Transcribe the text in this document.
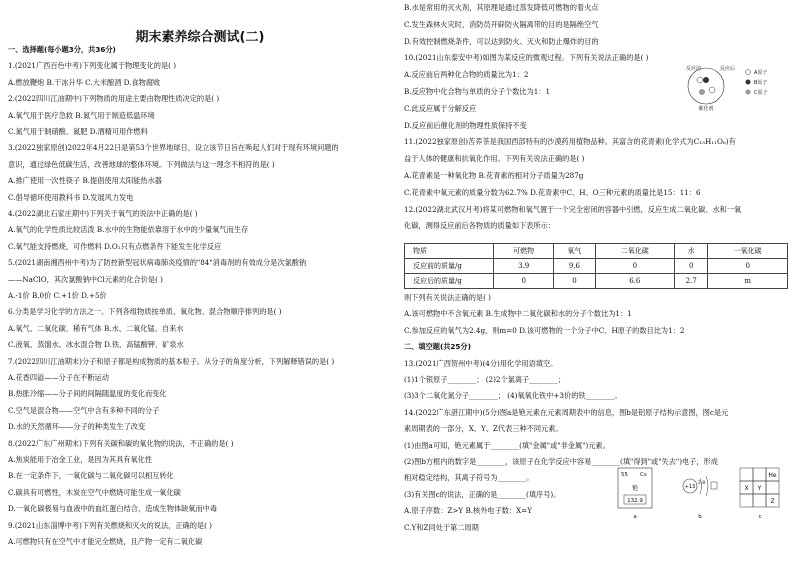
期末素养综合测试(二)
一、选择题(每小题3分，共36分)
1.(2021广西百色中考)下列变化属于物理变化的是( )
A.燃放鞭炮 B.干冰升华 C.大米酿酒 D.食物腐败
2.(2022四川江油期中)下列物质的用途主要由物理性质决定的是( )
A.氧气用于医疗急救 B.氮气用于制造低温环境
C.氮气用于制硝酸、氮肥 D.酒精可用作燃料
3.(2022独家原创)2022年4月22日是第53个世界地球日，设立该节日旨在唤起人们对于现有环境问题的
意识，通过绿色低碳生活，改善地球的整体环境。下列做法与这一理念不相符的是( )
A.推广使用一次性筷子 B.提倡使用太阳能热水器
C.倡导循环使用教科书 D.发展风力发电
4.(2022湖北石家庄期中)下列关于氧气的说法中正确的是( )
A.氧气的化学性质比较活泼 B.水中的生物能依靠溶于水中的少量氧气而生存
C.氧气能支持燃烧，可作燃料 D.O₂只有点燃条件下能发生化学反应
5.(2021湖南湘西州中考)为了防控新型冠状病毒肺炎疫情的"84"消毒剂的有效成分是次氯酸钠
——NaClO，其次氯酸钠中Cl元素的化合价是( )
A.-1价 B.0价 C.+1价 D.+5价
6.分类是学习化学的方法之一。下列各组物质按单质、氧化物、混合物顺序排列的是( )
A.氧气、二氧化碳、稀有气体 B.水、二氧化锰、自来水
C.液氧、蒸馏水、冰水混合物 D.铁、高锰酸钾、矿泉水
7.(2022四川江油期末)分子和原子都是构成物质的基本粒子。从分子的角度分析，下列解释错误的是( )
A.花香四溢——分子在不断运动
B.热胀冷缩——分子间的间隔随温度的变化而变化
C.空气是混合物——空气中含有多种不同的分子
D.水的天然循环——分子的种类发生了改变
8.(2022广东广州期末)下列有关碳和碳的氧化物的说法，不正确的是( )
A.焦炭能用于冶金工业，是因为其具有氧化性
B.在一定条件下，一氧化碳与二氧化碳可以相互转化
C.碳具有可燃性，木炭在空气中燃烧可能生成一氧化碳
D.一氧化碳极易与血液中的血红蛋白结合，造成生物体缺氧而中毒
9.(2021山东淄博中考)下列有关燃烧和灭火的说法，正确的是( )
A.可燃物只有在空气中才能完全燃烧，且产物一定有二氧化碳
B.水是常用的灭火剂，其原理是通过蒸发降低可燃物的着火点
C.发生森林火灾时，消防员开辟防火隔离带的目的是隔绝空气
D.有效控制燃烧条件，可以达到防火、灭火和防止爆炸的目的
10.(2021山东泰安中考)如图为某反应的微观过程。下列有关说法正确的是( )
A.反应前后两种化合物的质量比为1：2
B.反应物中化合物与单质的分子个数比为1：1
C.此反应属于分解反应
D.反应前后催化剂的物理性质保持不变
11.(2022独家原创)苦荞茶是我国西部特有的沙漠药用植物品种。其富含的花青素(化学式为C₁₅H₁₁O₆)有
益于人体的健康和抗氧化作用。下列有关说法正确的是( )
A.花青素是一种氧化物 B.花青素的相对分子质量为287g
C.花青素中氧元素的质量分数为62.7% D.花青素中C、H、O三种元素的质量比是15：11：6
12.(2022湖北武汉月考)将某可燃物和氧气置于一个完全密闭的容器中引燃，反应生成二氧化碳、水和一氧
化碳，测得反应前后各物质的质量如下表所示：
催化剂
反应前	反应后
A原子
B原子
C原子
物质	可燃物	氧气	二氧化碳	水	一氧化碳
反应前的质量/g	3.9	9.6	0	0	0
反应后的质量/g	0	0	6.6	2.7	m
则下列有关说法正确的是( )
A.该可燃物中不含氧元素 B.生成物中二氧化碳和水的分子个数比为1：1
C.参加反应的氧气为2.4g，则m=0 D.该可燃物的一个分子中C、H原子的数目比为1：2
二、填空题(共25分)
13.(2021广西贺州中考)(4分)用化学用语填空。
(1)1个银原子________； (2)2个氯离子________；
(3)3个二氧化氮分子________； (4)氧氧化铁中+3价的铁________。
14.(2022广东湛江期中)(5分)图a是铯元素在元素周期表中的信息，图b是铝原子结构示意图，图c是元
素周期表的一部分，X、Y、Z代表三种不同元素。
(1)由图a可知，铯元素属于________(填"金属"或"非金属")元素。
(2)图b方框内的数字是________，该原子在化学反应中容易________(填"得到"或"失去")电子，形成
相对稳定结构，其离子符号为________。
(3)有关图c的说法，正确的是________(填序号)。
A.原子序数：Z>Y B.核外电子数：X=Y
C.Y和Z同处于第二周期
55 Cs
铯
132.9
a
+13
2 8
b	c
He
X Y
Z
